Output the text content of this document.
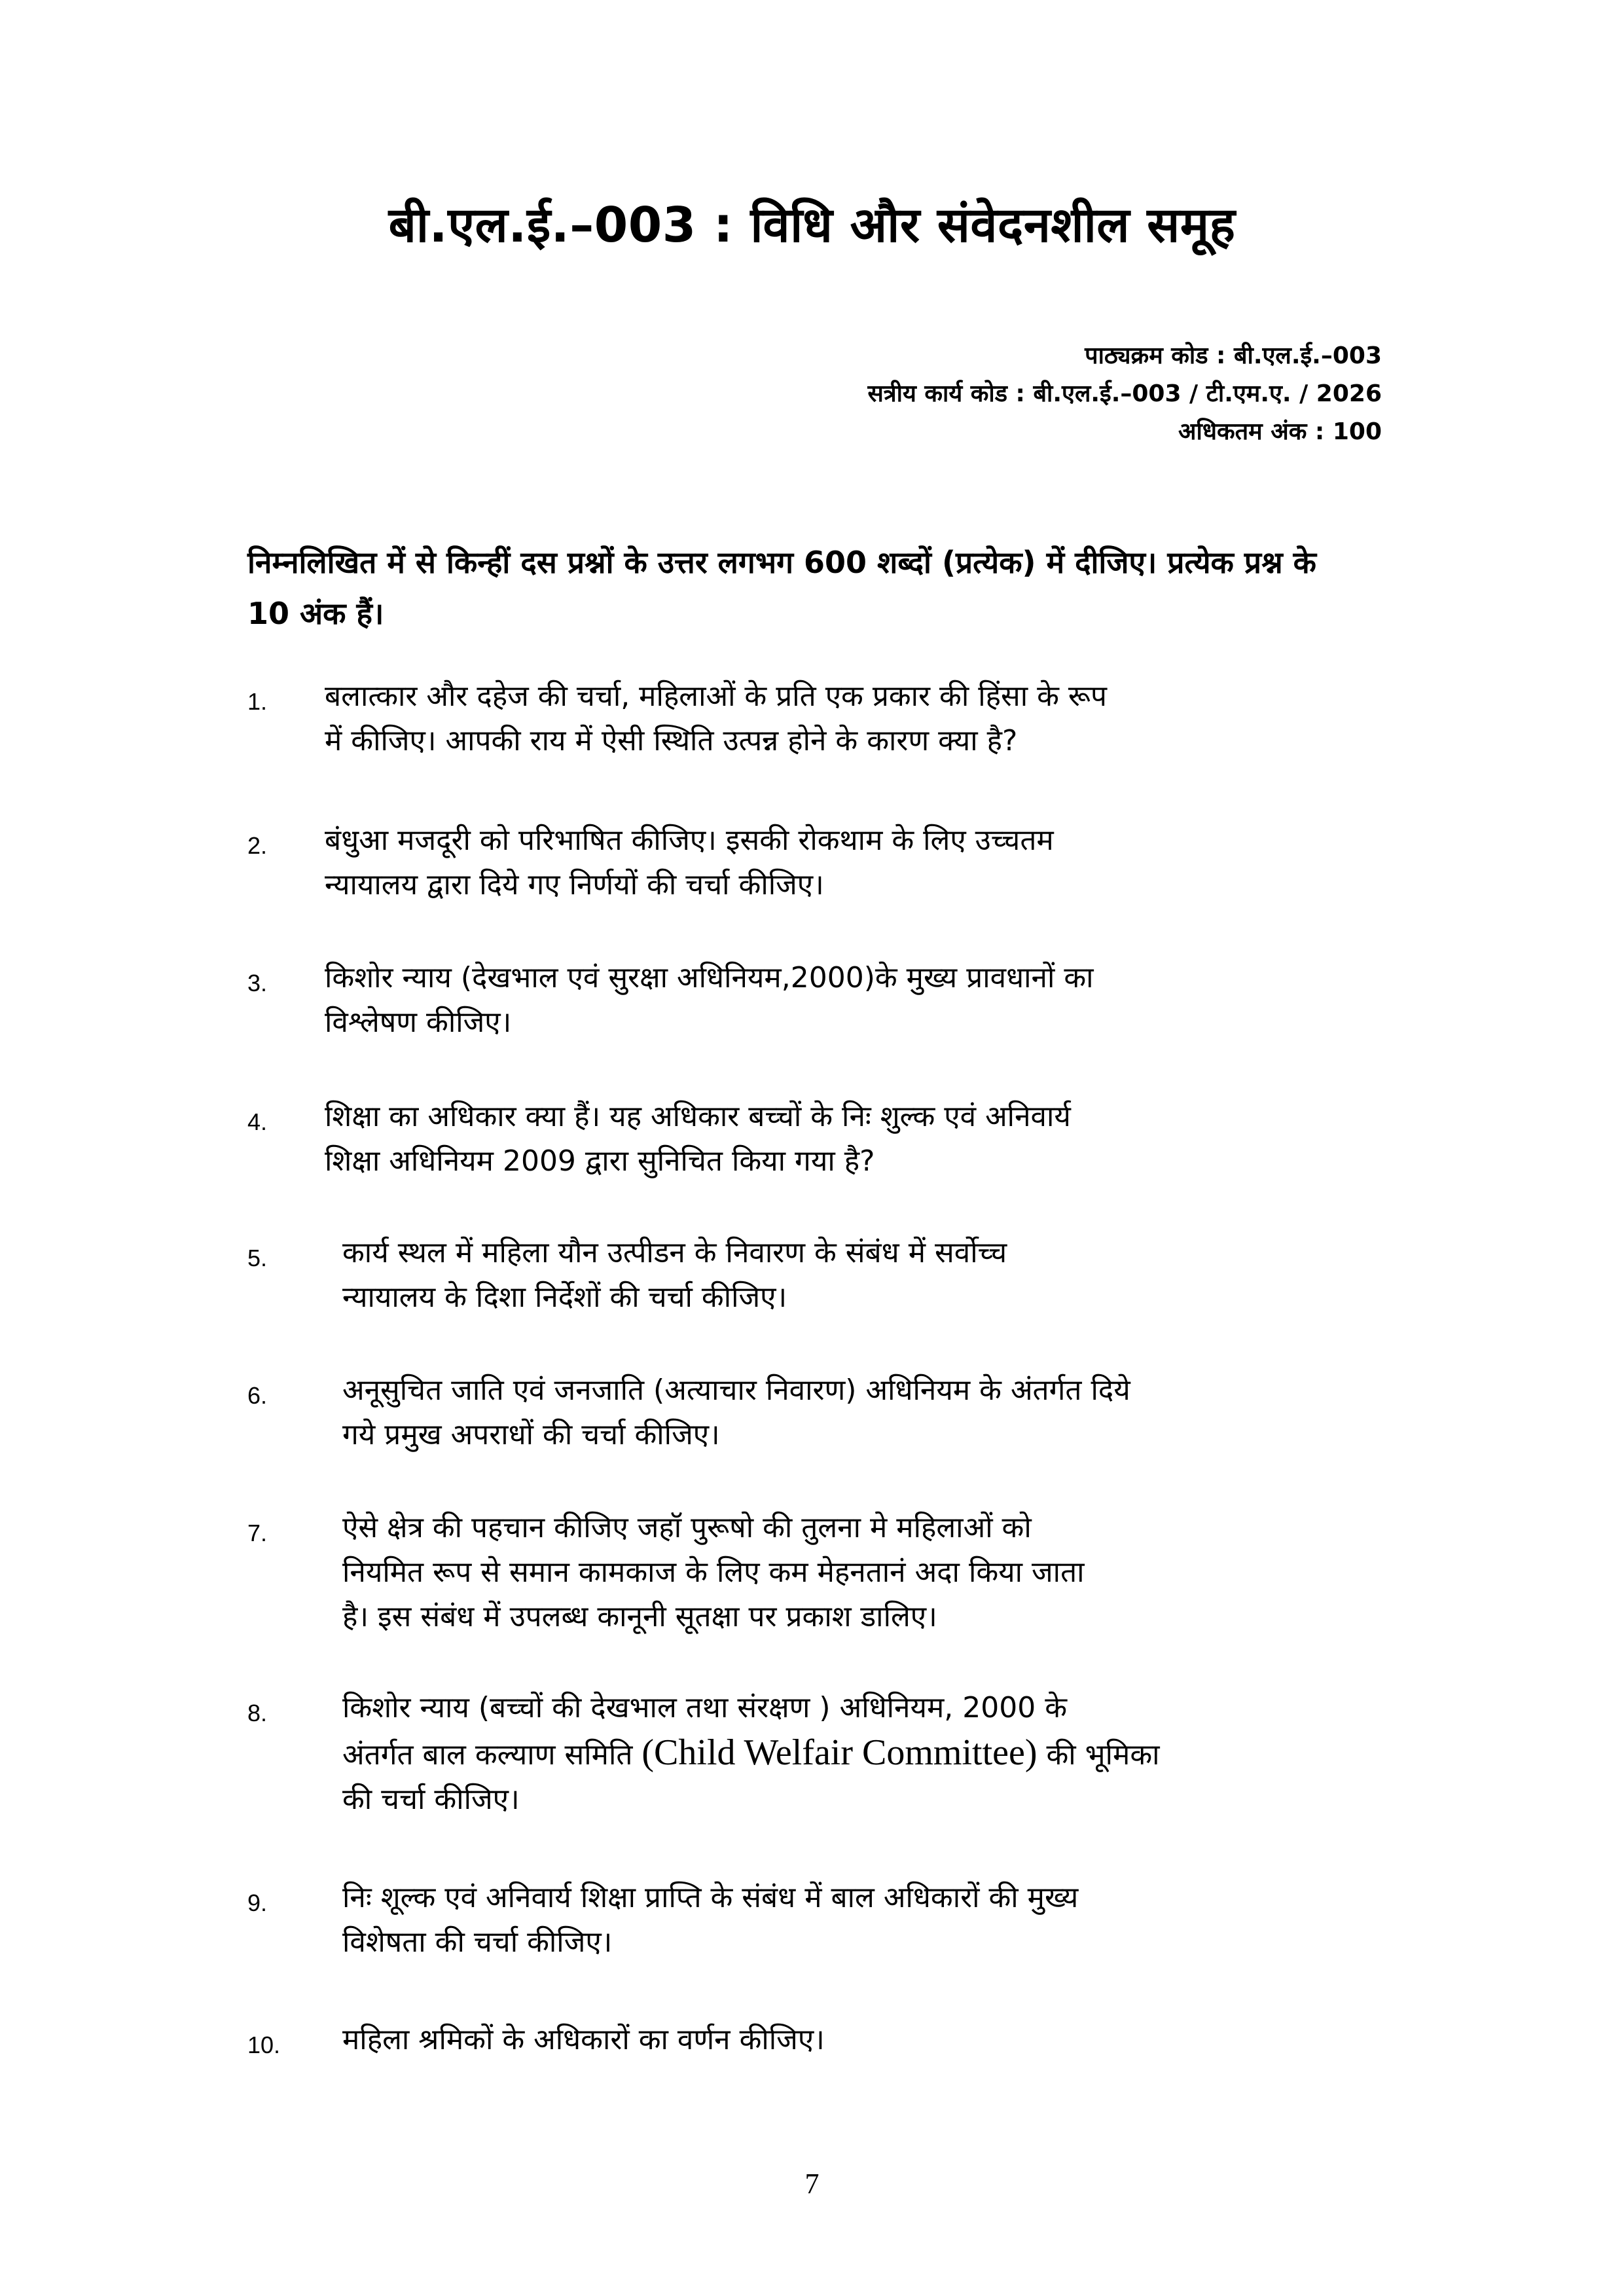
बी.एल.ई.–003 : विधि और संवेदनशील समूह
पाठ्यक्रम कोड : बी.एल.ई.–003
सत्रीय कार्य कोड : बी.एल.ई.–003 / टी.एम.ए. / 2026
अधिकतम अंक : 100
निम्नलिखित में से किन्हीं दस प्रश्नों के उत्तर लगभग 600 शब्दों (प्रत्येक) में दीजिए। प्रत्येक प्रश्न के 10 अंक हैं।
1. बलात्कार और दहेज की चर्चा, महिलाओं के प्रति एक प्रकार की हिंसा के रूप
में कीजिए। आपकी राय में ऐसी स्थिति उत्पन्न होने के कारण क्या है?
2. बंधुआ मजदूरी को परिभाषित कीजिए। इसकी रोकथाम के लिए उच्चतम
न्यायालय द्वारा दिये गए निर्णयों की चर्चा कीजिए।
3. किशोर न्याय (देखभाल एवं सुरक्षा अधिनियम,2000)के मुख्य प्रावधानों का
विश्लेषण कीजिए।
4. शिक्षा का अधिकार क्या हैं। यह अधिकार बच्चों के निः शुल्क एवं अनिवार्य
शिक्षा अधिनियम 2009 द्वारा सुनिचित किया गया है?
5.	कार्य स्थल में महिला यौन उत्पीडन के निवारण के संबंध में सर्वोच्च
न्यायालय के दिशा निर्देशों की चर्चा कीजिए।
6.	अनूसुचित जाति एवं जनजाति (अत्याचार निवारण) अधिनियम के अंतर्गत दिये
गये प्रमुख अपराधों की चर्चा कीजिए।
7.	ऐसे क्षेत्र की पहचान कीजिए जहॉ पुरूषो की तुलना मे महिलाओं को
नियमित रूप से समान कामकाज के लिए कम मेहनतानं अदा किया जाता
है। इस संबंध में उपलब्ध कानूनी सूतक्षा पर प्रकाश डालिए।
8.	किशोर न्याय (बच्चों की देखभाल तथा संरक्षण ) अधिनियम, 2000 के
अंतर्गत बाल कल्याण समिति (Child Welfair Committee) की भूमिका
की चर्चा कीजिए।
9.	निः शूल्क एवं अनिवार्य शिक्षा प्राप्ति के संबंध में बाल अधिकारों की मुख्य
विशेषता की चर्चा कीजिए।
10. महिला श्रमिकों के अधिकारों का वर्णन कीजिए।
7
